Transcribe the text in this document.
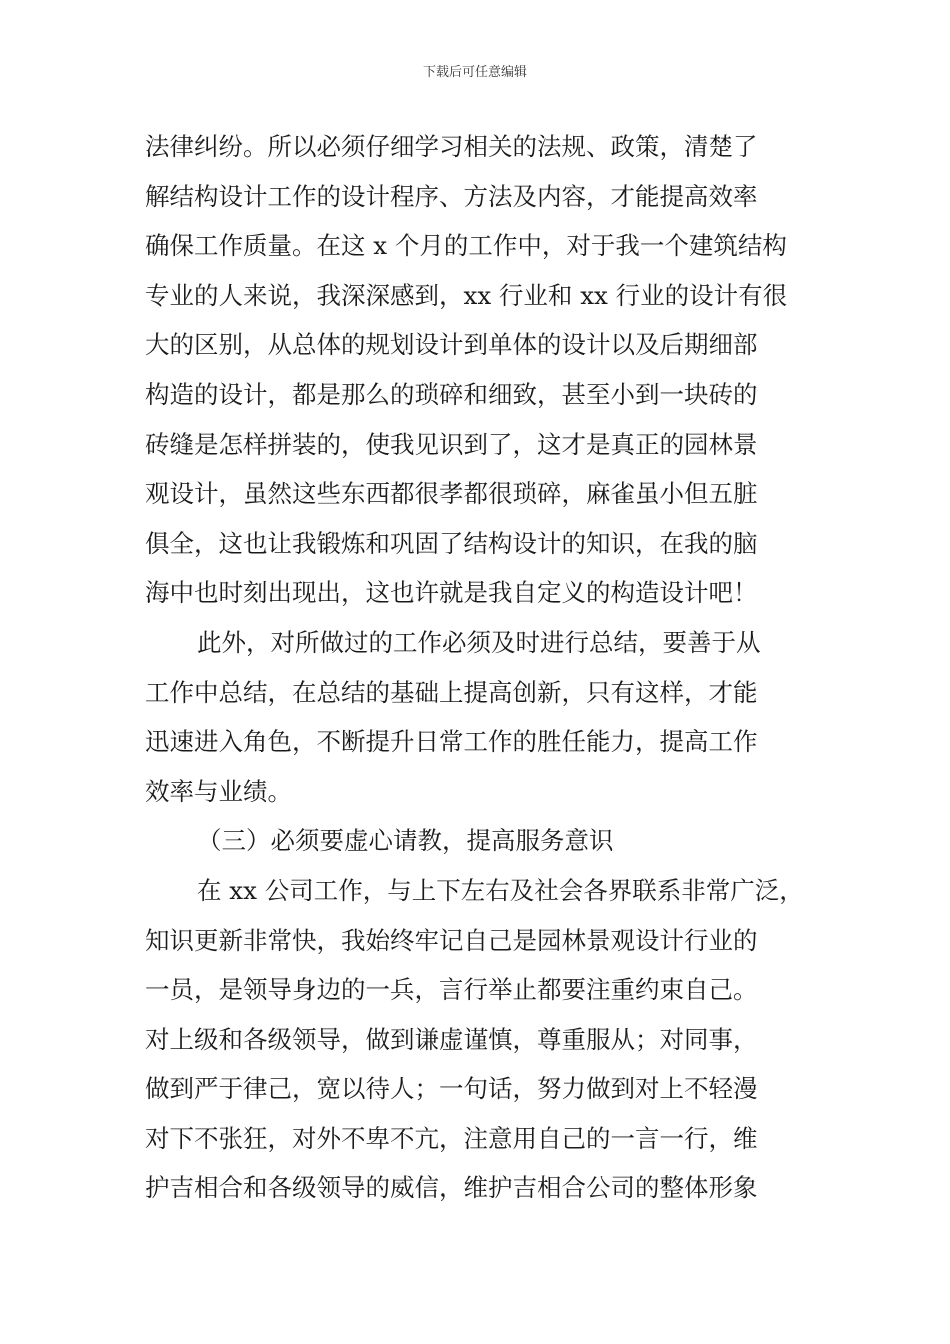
下载后可任意编辑
法律纠纷。所以必须仔细学习相关的法规、政策，清楚了
解结构设计工作的设计程序、方法及内容，才能提高效率
确保工作质量。在这 x 个月的工作中，对于我一个建筑结构
专业的人来说，我深深感到，xx 行业和 xx 行业的设计有很
大的区别，从总体的规划设计到单体的设计以及后期细部
构造的设计，都是那么的琐碎和细致，甚至小到一块砖的
砖缝是怎样拼装的，使我见识到了，这才是真正的园林景
观设计，虽然这些东西都很孝都很琐碎，麻雀虽小但五脏
俱全，这也让我锻炼和巩固了结构设计的知识，在我的脑
海中也时刻出现出，这也许就是我自定义的构造设计吧！
此外，对所做过的工作必须及时进行总结，要善于从
工作中总结，在总结的基础上提高创新，只有这样，才能
迅速进入角色，不断提升日常工作的胜任能力，提高工作
效率与业绩。
（三）必须要虚心请教，提高服务意识
在 xx 公司工作，与上下左右及社会各界联系非常广泛，
知识更新非常快，我始终牢记自己是园林景观设计行业的
一员，是领导身边的一兵，言行举止都要注重约束自己。
对上级和各级领导，做到谦虚谨慎，尊重服从；对同事，
做到严于律己，宽以待人；一句话，努力做到对上不轻漫
对下不张狂，对外不卑不亢，注意用自己的一言一行，维
护吉相合和各级领导的威信，维护吉相合公司的整体形象
